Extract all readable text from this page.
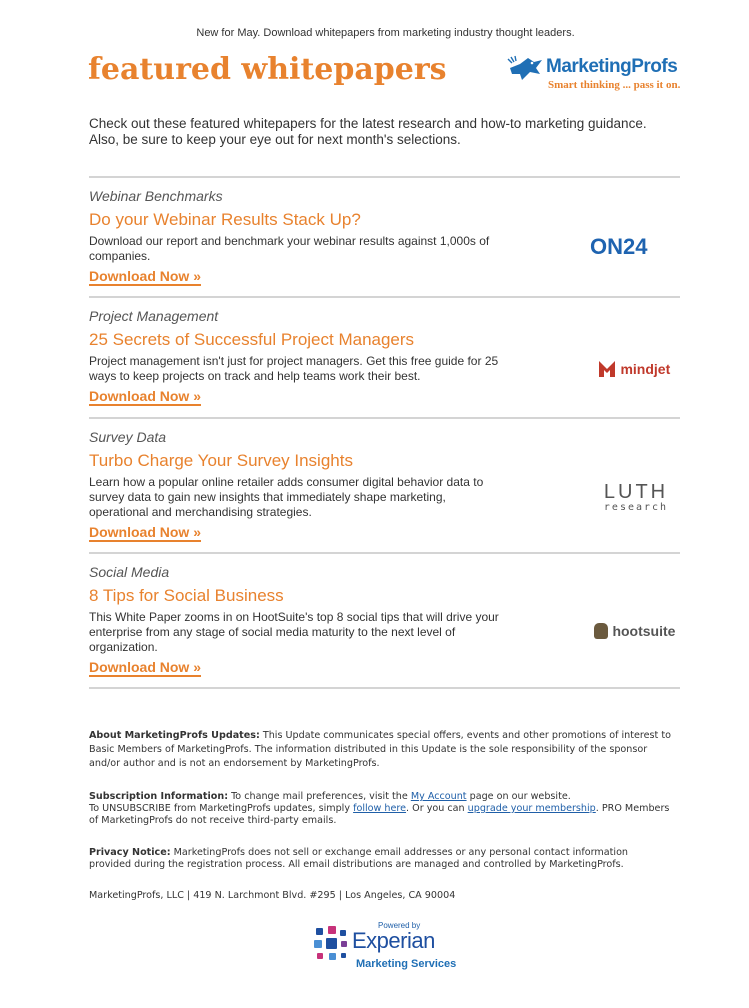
New for May. Download whitepapers from marketing industry thought leaders.
featured whitepapers	MarketingProfs
Smart thinking ... pass it on.

Check out these featured whitepapers for the latest research and how-to marketing guidance.

Also, be sure to keep your eye out for next month's selections.

Webinar Benchmarks
Do your Webinar Results Stack Up?
Download our report and benchmark your webinar results against 1,000s of companies.
Download Now »
ON24
Project Management
25 Secrets of Successful Project Managers
Project management isn't just for project managers. Get this free guide for 25 ways to keep projects on track and help teams work their best.
Download Now »
mindjet
Survey Data
Turbo Charge Your Survey Insights
Learn how a popular online retailer adds consumer digital behavior data to survey data to gain new insights that immediately shape marketing, operational and merchandising strategies.
Download Now »
LUTH
research
Social Media
8 Tips for Social Business
This White Paper zooms in on HootSuite's top 8 social tips that will drive your enterprise from any stage of social media maturity to the next level of organization.
Download Now »
hootsuite
About MarketingProfs Updates: This Update communicates special offers, events and other promotions of interest to Basic Members of MarketingProfs. The information distributed in this Update is the sole responsibility of the sponsor and/or author and is not an endorsement by MarketingProfs.
Subscription Information: To change mail preferences, visit the My Account page on our website.
To UNSUBSCRIBE from MarketingProfs updates, simply follow here. Or you can upgrade your membership. PRO Members of MarketingProfs do not receive third-party emails.
Privacy Notice: MarketingProfs does not sell or exchange email addresses or any personal contact information provided during the registration process. All email distributions are managed and controlled by MarketingProfs.
MarketingProfs, LLC | 419 N. Larchmont Blvd. #295 | Los Angeles, CA 90004
Powered by
Experian
Marketing Services
